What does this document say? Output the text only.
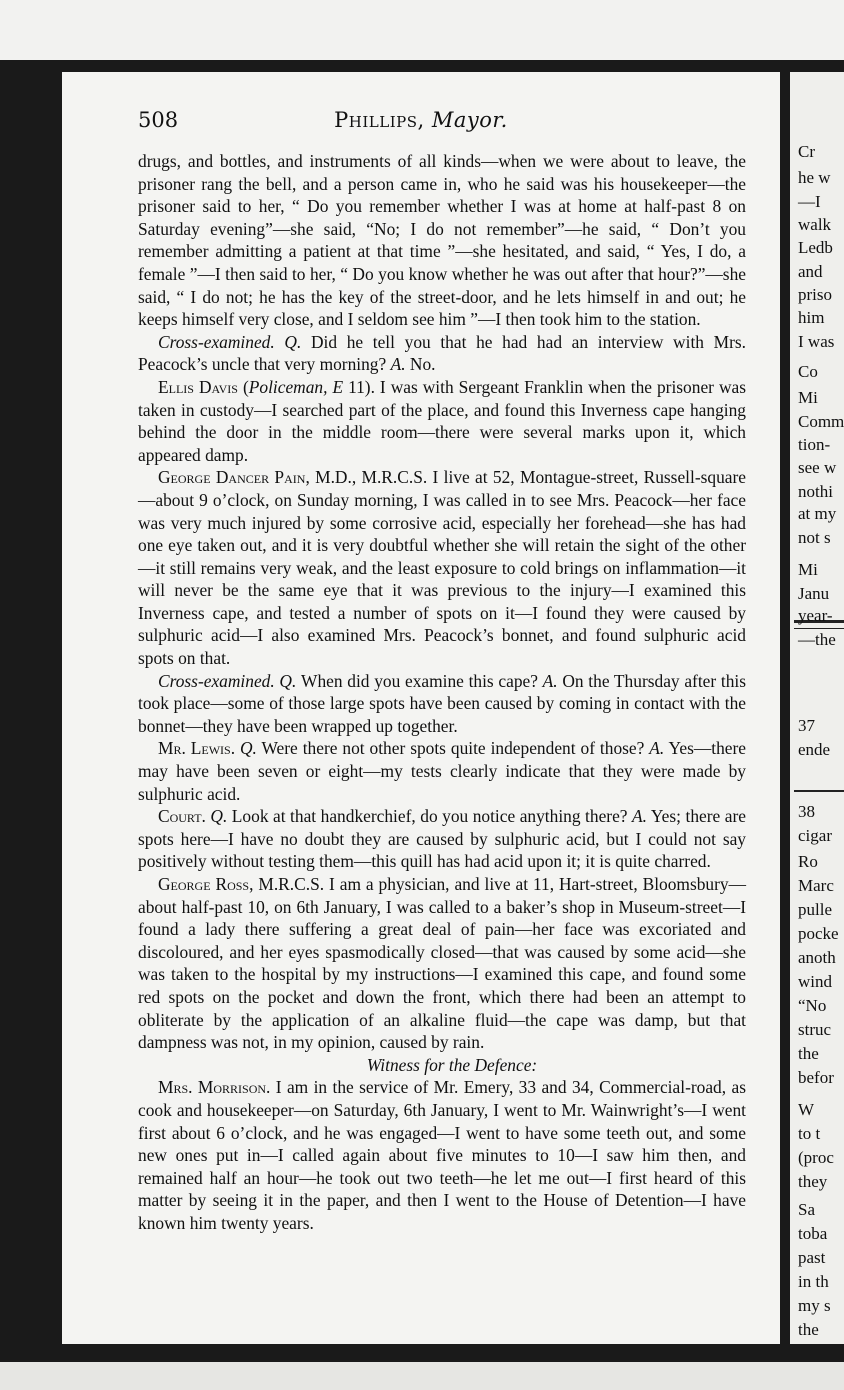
508	Phillips, Mayor.

drugs, and bottles, and instruments of all kinds—when we were about to leave, the prisoner rang the bell, and a person came in, who he said was his housekeeper—the prisoner said to her, “ Do you remember whether I was at home at half-past 8 on Saturday evening”—she said, “No; I do not remember”—he said, “ Don’t you remember admitting a patient at that time ”—she hesitated, and said, “ Yes, I do, a female ”—I then said to her, “ Do you know whether he was out after that hour?”—she said, “ I do not; he has the key of the street-door, and he lets himself in and out; he keeps himself very close, and I seldom see him ”—I then took him to the station.

Cross-examined. Q. Did he tell you that he had had an interview with Mrs. Peacock’s uncle that very morning? A. No.

Ellis Davis (Policeman, E 11). I was with Sergeant Franklin when the prisoner was taken in custody—I searched part of the place, and found this Inverness cape hanging behind the door in the middle room—there were several marks upon it, which appeared damp.

George Dancer Pain, M.D., M.R.C.S. I live at 52, Montague-street, Russell-square—about 9 o’clock, on Sunday morning, I was called in to see Mrs. Peacock—her face was very much injured by some corrosive acid, especially her forehead—she has had one eye taken out, and it is very doubtful whether she will retain the sight of the other—it still remains very weak, and the least exposure to cold brings on inflammation—it will never be the same eye that it was previous to the injury—I examined this Inverness cape, and tested a number of spots on it—I found they were caused by sulphuric acid—I also examined Mrs. Peacock’s bonnet, and found sulphuric acid spots on that.

Cross-examined. Q. When did you examine this cape? A. On the Thursday after this took place—some of those large spots have been caused by coming in contact with the bonnet—they have been wrapped up together.

Mr. Lewis. Q. Were there not other spots quite independent of those? A. Yes—there may have been seven or eight—my tests clearly indicate that they were made by sulphuric acid.

Court. Q. Look at that handkerchief, do you notice anything there? A. Yes; there are spots here—I have no doubt they are caused by sulphuric acid, but I could not say positively without testing them—this quill has had acid upon it; it is quite charred.

George Ross, M.R.C.S. I am a physician, and live at 11, Hart-street, Bloomsbury—about half-past 10, on 6th January, I was called to a baker’s shop in Museum-street—I found a lady there suffering a great deal of pain—her face was excoriated and discoloured, and her eyes spasmodically closed—that was caused by some acid—she was taken to the hospital by my instructions—I examined this cape, and found some red spots on the pocket and down the front, which there had been an attempt to obliterate by the application of an alkaline fluid—the cape was damp, but that dampness was not, in my opinion, caused by rain.

Witness for the Defence:

Mrs. Morrison. I am in the service of Mr. Emery, 33 and 34, Commercial-road, as cook and housekeeper—on Saturday, 6th January, I went to Mr. Wainwright’s—I went first about 6 o’clock, and he was engaged—I went to have some teeth out, and some new ones put in—I called again about five minutes to 10—I saw him then, and remained half an hour—he took out two teeth—he let me out—I first heard of this matter by seeing it in the paper, and then I went to the House of Detention—I have known him twenty years.

Cr
he w
—I
walk
Ledb
and
priso
him
I was
Co
Mi
Comm
tion-
see w
nothi
at my
not s
Mi
Janu
year-
—the
37
ende
38
cigar
Ro
Marc
pulle
pocke
anoth
wind
“No
struc
the
befor
W
to t
(proc
they
Sa
toba
past
in th
my s
the
